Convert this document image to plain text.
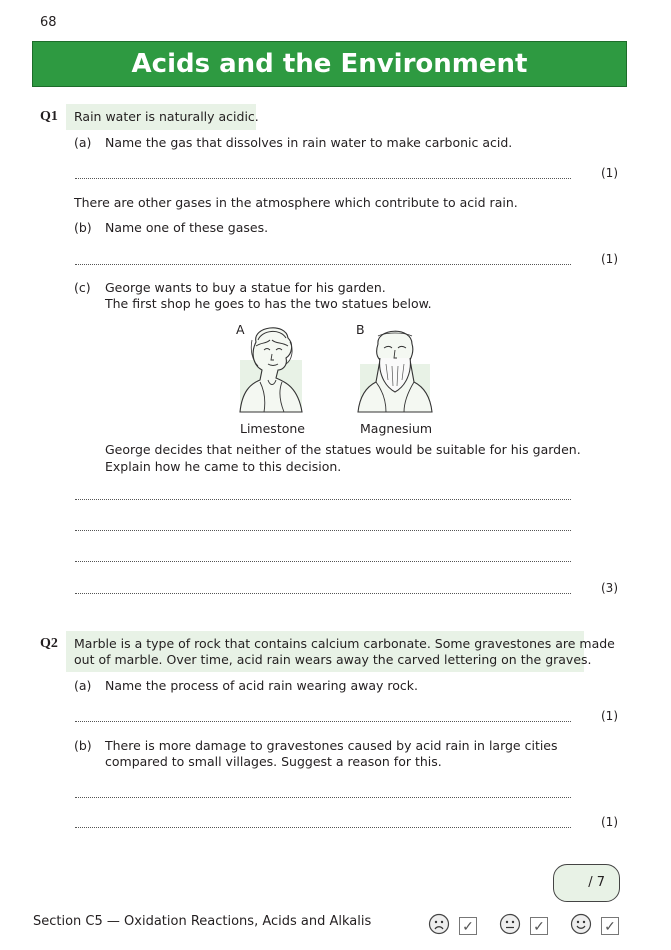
68
Acids and the Environment
Q1 Rain water is naturally acidic.
(a) Name the gas that dissolves in rain water to make carbonic acid.
(1)
There are other gases in the atmosphere which contribute to acid rain.
(b) Name one of these gases.
(1)
(c) George wants to buy a statue for his garden.
The first shop he goes to has the two statues below.
A
Limestone
B
Magnesium
George decides that neither of the statues would be suitable for his garden.
Explain how he came to this decision.
(3)
Q2 Marble is a type of rock that contains calcium carbonate. Some gravestones are made
out of marble. Over time, acid rain wears away the carved lettering on the graves.
(a) Name the process of acid rain wearing away rock.
(1)
(b) There is more damage to gravestones caused by acid rain in large cities
compared to small villages. Suggest a reason for this.
(1)
/ 7
Section C5 — Oxidation Reactions, Acids and Alkalis	✓	✓	✓
